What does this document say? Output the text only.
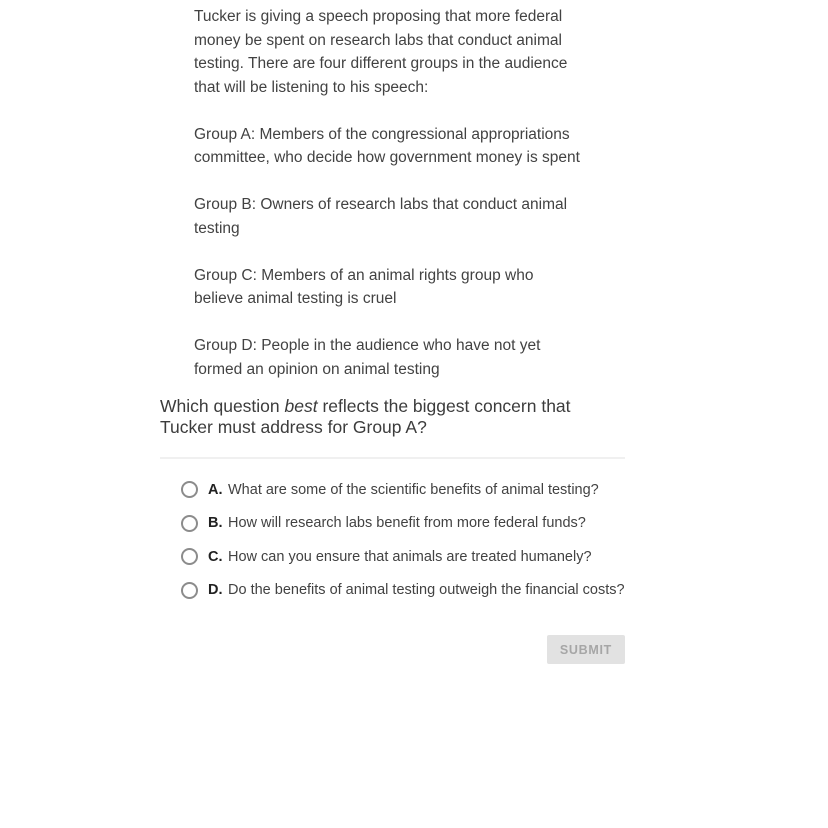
Tucker is giving a speech proposing that more federal money be spent on research labs that conduct animal testing. There are four different groups in the audience that will be listening to his speech:

Group A: Members of the congressional appropriations committee, who decide how government money is spent

Group B: Owners of research labs that conduct animal testing

Group C: Members of an animal rights group who believe animal testing is cruel

Group D: People in the audience who have not yet formed an opinion on animal testing

Which question best reflects the biggest concern that Tucker must address for Group A?
A. What are some of the scientific benefits of animal testing?
B. How will research labs benefit from more federal funds?
C. How can you ensure that animals are treated humanely?
D. Do the benefits of animal testing outweigh the financial costs?
SUBMIT
